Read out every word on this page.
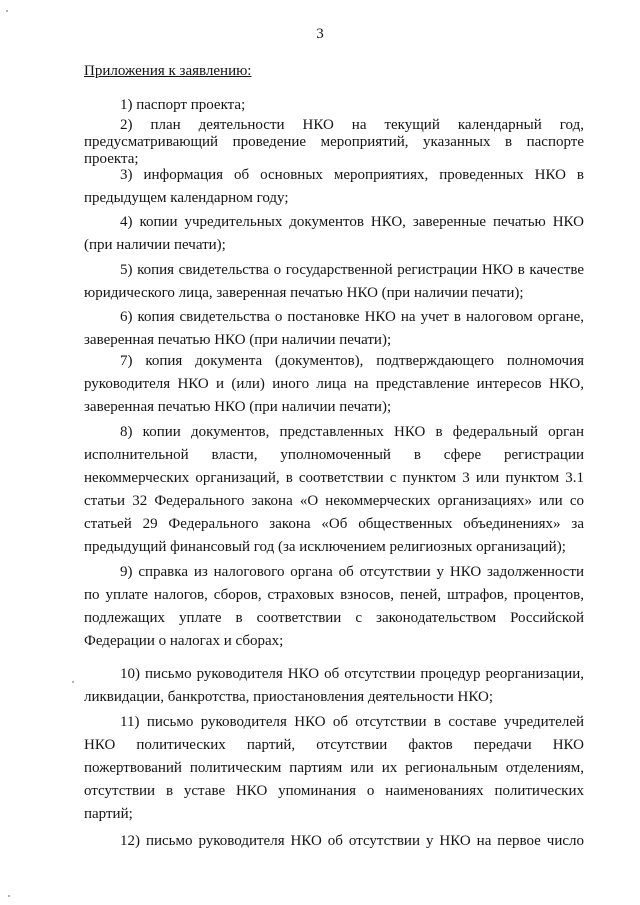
3
Приложения к заявлению:
1) паспорт проекта;
2) план деятельности НКО на текущий календарный год,
предусматривающий проведение мероприятий, указанных в паспорте
проекта;
3) информация об основных мероприятиях, проведенных НКО в
предыдущем календарном году;
4) копии учредительных документов НКО, заверенные печатью НКО
(при наличии печати);
5) копия свидетельства о государственной регистрации НКО в качестве
юридического лица, заверенная печатью НКО (при наличии печати);
6) копия свидетельства о постановке НКО на учет в налоговом органе,
заверенная печатью НКО (при наличии печати);
7) копия документа (документов), подтверждающего полномочия
руководителя НКО и (или) иного лица на представление интересов НКО,
заверенная печатью НКО (при наличии печати);
8) копии документов, представленных НКО в федеральный орган
исполнительной власти, уполномоченный в сфере регистрации
некоммерческих организаций, в соответствии с пунктом 3 или пунктом 3.1
статьи 32 Федерального закона «О некоммерческих организациях» или со
статьей 29 Федерального закона «Об общественных объединениях» за
предыдущий финансовый год (за исключением религиозных организаций);
9) справка из налогового органа об отсутствии у НКО задолженности
по уплате налогов, сборов, страховых взносов, пеней, штрафов, процентов,
подлежащих уплате в соответствии с законодательством Российской
Федерации о налогах и сборах;
10) письмо руководителя НКО об отсутствии процедур реорганизации,
ликвидации, банкротства, приостановления деятельности НКО;
11) письмо руководителя НКО об отсутствии в составе учредителей
НКО политических партий, отсутствии фактов передачи НКО
пожертвований политическим партиям или их региональным отделениям,
отсутствии в уставе НКО упоминания о наименованиях политических
партий;
12) письмо руководителя НКО об отсутствии у НКО на первое число
